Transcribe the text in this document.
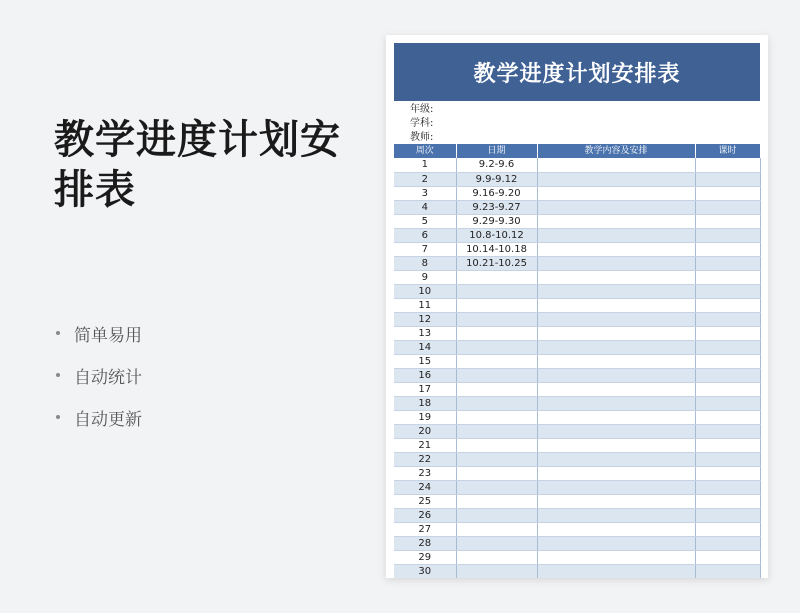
教学进度计划安排表
简单易用
自动统计
自动更新
教学进度计划安排表
年级:
学科:
教师:
周次	日期	教学内容及安排	课时
1	9.2-9.6		
2	9.9-9.12		
3	9.16-9.20		
4	9.23-9.27		
5	9.29-9.30		
6	10.8-10.12		
7	10.14-10.18		
8	10.21-10.25		
9			
10			
11			
12			
13			
14			
15			
16			
17			
18			
19			
20			
21			
22			
23			
24			
25			
26			
27			
28			
29			
30			
